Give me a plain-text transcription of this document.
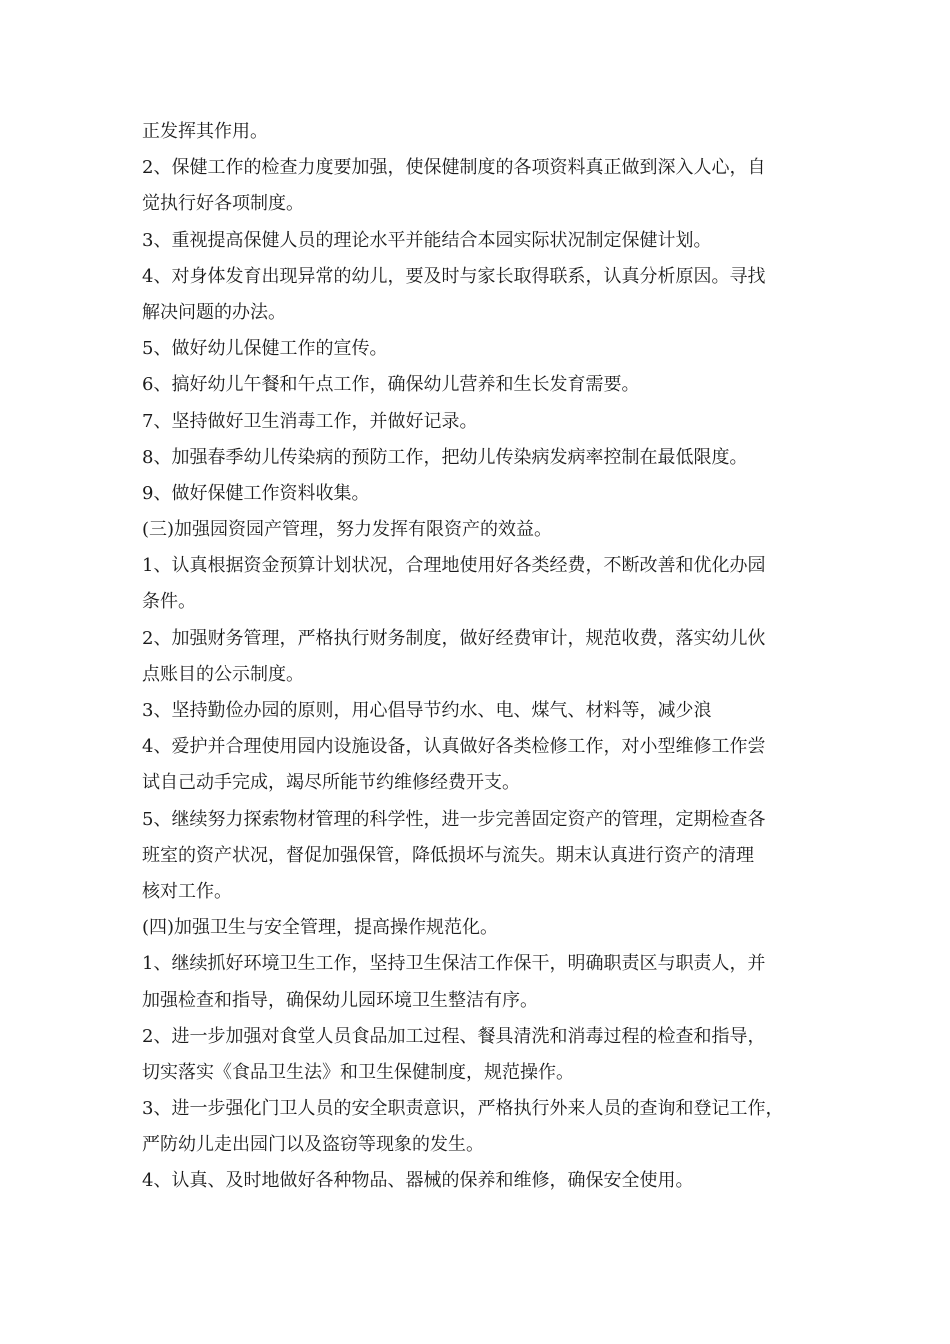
正发挥其作用。
2、保健工作的检查力度要加强，使保健制度的各项资料真正做到深入人心，自
觉执行好各项制度。
3、重视提高保健人员的理论水平并能结合本园实际状况制定保健计划。
4、对身体发育出现异常的幼儿，要及时与家长取得联系，认真分析原因。寻找
解决问题的办法。
5、做好幼儿保健工作的宣传。
6、搞好幼儿午餐和午点工作，确保幼儿营养和生长发育需要。
7、坚持做好卫生消毒工作，并做好记录。
8、加强春季幼儿传染病的预防工作，把幼儿传染病发病率控制在最低限度。
9、做好保健工作资料收集。
(三)加强园资园产管理，努力发挥有限资产的效益。
1、认真根据资金预算计划状况，合理地使用好各类经费，不断改善和优化办园
条件。
2、加强财务管理，严格执行财务制度，做好经费审计，规范收费，落实幼儿伙
点账目的公示制度。
3、坚持勤俭办园的原则，用心倡导节约水、电、煤气、材料等，减少浪
4、爱护并合理使用园内设施设备，认真做好各类检修工作，对小型维修工作尝
试自己动手完成，竭尽所能节约维修经费开支。
5、继续努力探索物材管理的科学性，进一步完善固定资产的管理，定期检查各
班室的资产状况，督促加强保管，降低损坏与流失。期末认真进行资产的清理
核对工作。
(四)加强卫生与安全管理，提高操作规范化。
1、继续抓好环境卫生工作，坚持卫生保洁工作保干，明确职责区与职责人，并
加强检查和指导，确保幼儿园环境卫生整洁有序。
2、进一步加强对食堂人员食品加工过程、餐具清洗和消毒过程的检查和指导，
切实落实《食品卫生法》和卫生保健制度，规范操作。
3、进一步强化门卫人员的安全职责意识，严格执行外来人员的查询和登记工作，
严防幼儿走出园门以及盗窃等现象的发生。
4、认真、及时地做好各种物品、器械的保养和维修，确保安全使用。
